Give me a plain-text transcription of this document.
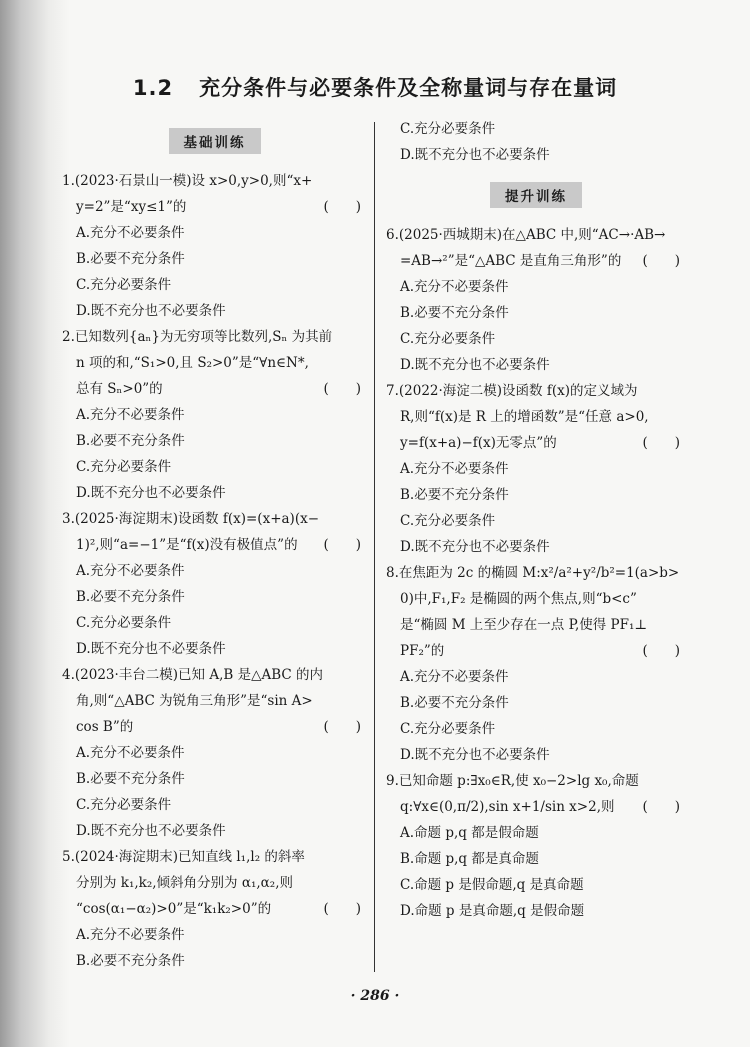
1.2 充分条件与必要条件及全称量词与存在量词
基础训练
1.(2023·石景山一模)设 x>0,y>0,则“x+
y=2”是“xy≤1”的	(　　)
A.充分不必要条件
B.必要不充分条件
C.充分必要条件
D.既不充分也不必要条件
2.已知数列{aₙ}为无穷项等比数列,Sₙ 为其前
n 项的和,“S₁>0,且 S₂>0”是“∀n∈N*,
总有 Sₙ>0”的	(　　)
A.充分不必要条件
B.必要不充分条件
C.充分必要条件
D.既不充分也不必要条件
3.(2025·海淀期末)设函数 f(x)=(x+a)(x−
1)²,则“a=−1”是“f(x)没有极值点”的 (　　)
A.充分不必要条件
B.必要不充分条件
C.充分必要条件
D.既不充分也不必要条件
4.(2023·丰台二模)已知 A,B 是△ABC 的内
角,则“△ABC 为锐角三角形”是“sin A>
cos B”的	(　　)
A.充分不必要条件
B.必要不充分条件
C.充分必要条件
D.既不充分也不必要条件
5.(2024·海淀期末)已知直线 l₁,l₂ 的斜率
分别为 k₁,k₂,倾斜角分别为 α₁,α₂,则
“cos(α₁−α₂)>0”是“k₁k₂>0”的	(　　)
A.充分不必要条件
B.必要不充分条件
C.充分必要条件
D.既不充分也不必要条件
提升训练
6.(2025·西城期末)在△ABC 中,则“AC→·AB→
=AB→²”是“△ABC 是直角三角形”的 (　　)
A.充分不必要条件
B.必要不充分条件
C.充分必要条件
D.既不充分也不必要条件
7.(2022·海淀二模)设函数 f(x)的定义域为
R,则“f(x)是 R 上的增函数”是“任意 a>0,
y=f(x+a)−f(x)无零点”的	(　　)
A.充分不必要条件
B.必要不充分条件
C.充分必要条件
D.既不充分也不必要条件
8.在焦距为 2c 的椭圆 M:x²/a²+y²/b²=1(a>b>
0)中,F₁,F₂ 是椭圆的两个焦点,则“b<c”
是“椭圆 M 上至少存在一点 P,使得 PF₁⊥
PF₂”的	(　　)
A.充分不必要条件
B.必要不充分条件
C.充分必要条件
D.既不充分也不必要条件
9.已知命题 p:∃x₀∈R,使 x₀−2>lg x₀,命题
q:∀x∈(0,π/2),sin x+1/sin x>2,则 (　　)
A.命题 p,q 都是假命题
B.命题 p,q 都是真命题
C.命题 p 是假命题,q 是真命题
D.命题 p 是真命题,q 是假命题
· 286 ·
